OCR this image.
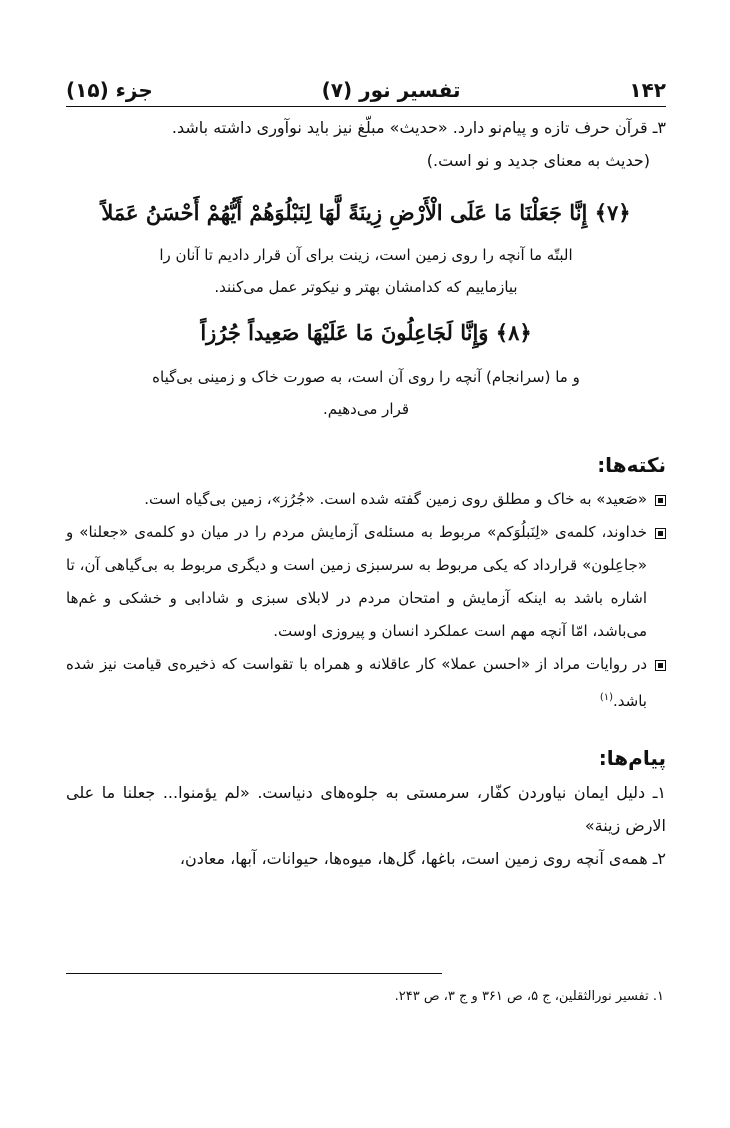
۱۴۲
تفسیر نور (۷)
جزء (۱۵)

۳ـ قرآن حرف تازه و پیام‌نو دارد. «حدیث» مبلّغ نیز باید نوآوری داشته باشد.

(حدیث به معنای جدید و نو است.)

﴿۷﴾ إِنَّا جَعَلْنَا مَا عَلَى الْأَرْضِ زِينَةً لَّهَا لِنَبْلُوَهُمْ أَيُّهُمْ أَحْسَنُ عَمَلاً

البتّه ما آنچه را روی زمین است، زینت برای آن قرار دادیم تا آنان را

بیازماییم که کدامشان بهتر و نیکوتر عمل می‌کنند.

﴿۸﴾ وَإِنَّا لَجَاعِلُونَ مَا عَلَيْهَا صَعِيداً جُرُزاً

و ما (سرانجام) آنچه را روی آن است، به صورت خاک و زمینی بی‌گیاه

قرار می‌دهیم.

نکته‌ها:
«صَعید» به خاک و مطلق روی زمین گفته شده است. «جُرُز»، زمین بی‌گیاه است.
خداوند، کلمه‌ی «لِنَبلُوَکم» مربوط به مسئله‌ی آزمایش مردم را در میان دو کلمه‌ی «جعلنا» و «جاعِلون» قرارداد که یکی مربوط به سرسبزی زمین است و دیگری مربوط به بی‌گیاهی آن، تا اشاره باشد به اینکه آزمایش و امتحان مردم در لابلای سبزی و شادابی و خشکی و غم‌ها می‌باشد، امّا آنچه مهم است عملکرد انسان و پیروزی اوست.
در روایات مراد از «احسن عملا» کار عاقلانه و همراه با تقواست که ذخیره‌ی قیامت نیز شده باشد.$^{(۱)}$
پیام‌ها:

۱ـ دلیل ایمان نیاوردن کفّار، سرمستی به جلوه‌های دنیاست. «لم یؤمنوا... جعلنا ما علی الارض زینة»

۲ـ همه‌ی آنچه روی زمین است، باغها، گل‌ها، میوه‌ها، حیوانات، آبها، معادن،

۱. تفسیر نورالثقلین، ج ۵، ص ۳۶۱ و ج ۳، ص ۲۴۳.
